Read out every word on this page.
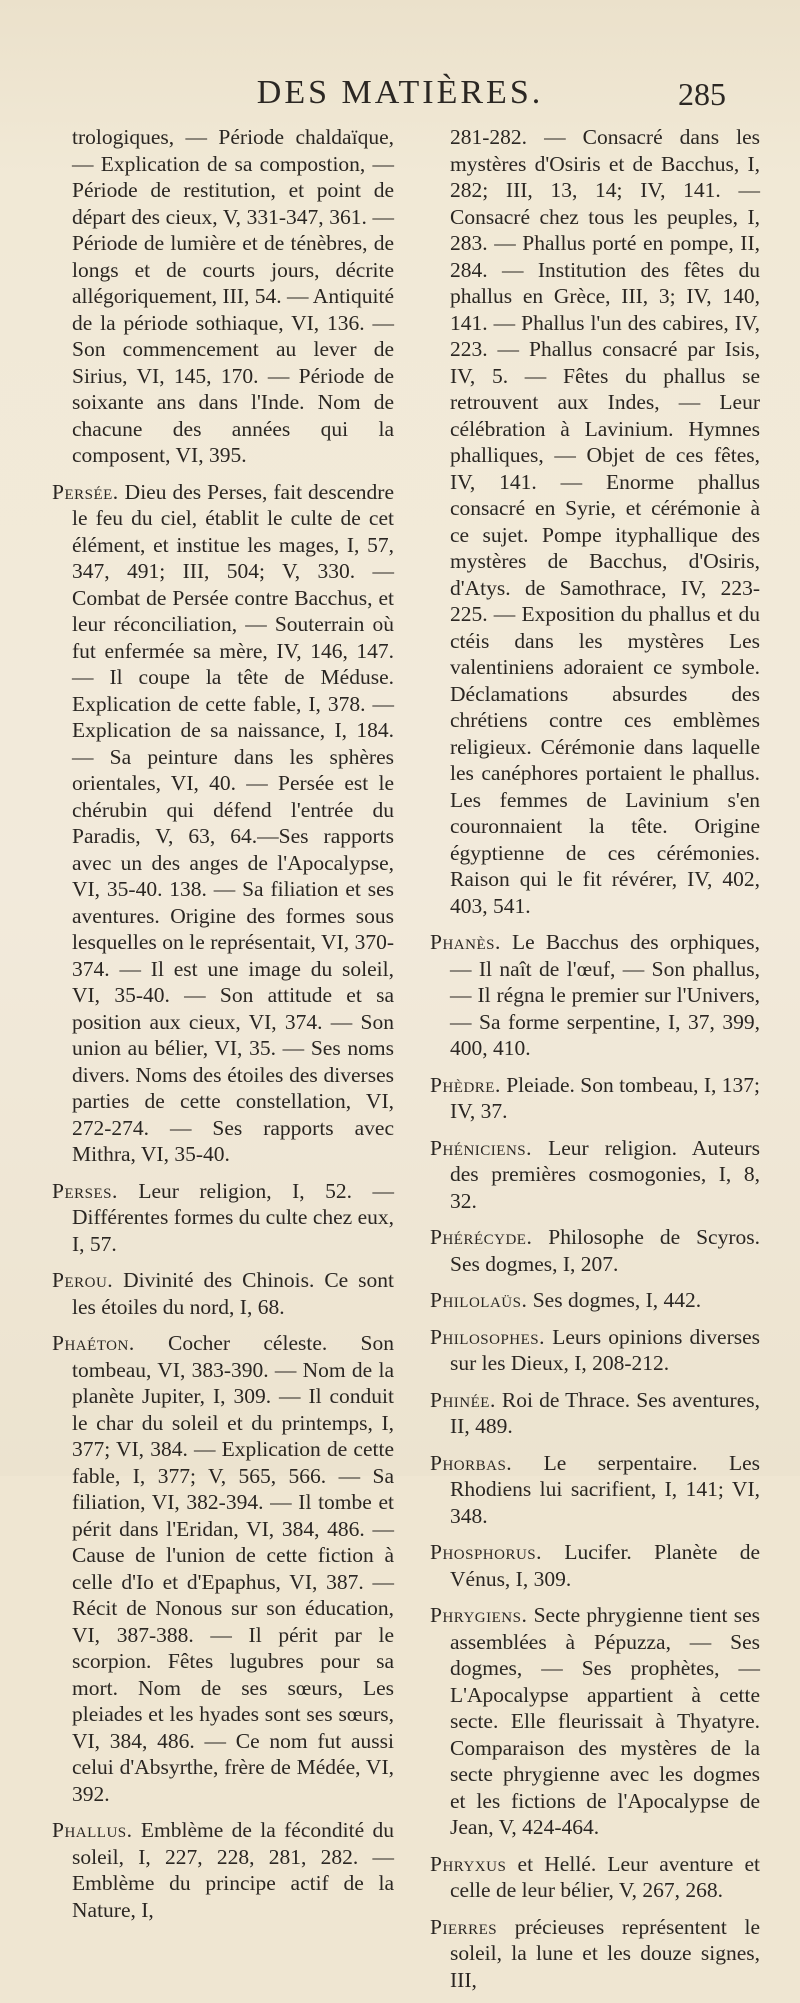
DES MATIÈRES.	285

trologiques, — Période chaldaïque, — Explication de sa compostion, — Période de restitution, et point de départ des cieux, V, 331-347, 361. — Période de lumière et de ténèbres, de longs et de courts jours, décrite allégoriquement, III, 54. — Antiquité de la période sothiaque, VI, 136. — Son commencement au lever de Sirius, VI, 145, 170. — Période de soixante ans dans l'Inde. Nom de chacune des années qui la composent, VI, 395.

Persée. Dieu des Perses, fait descendre le feu du ciel, établit le culte de cet élément, et institue les mages, I, 57, 347, 491; III, 504; V, 330. — Combat de Persée contre Bacchus, et leur réconciliation, — Souterrain où fut enfermée sa mère, IV, 146, 147. — Il coupe la tête de Méduse. Explication de cette fable, I, 378. — Explication de sa naissance, I, 184. — Sa peinture dans les sphères orientales, VI, 40. — Persée est le chérubin qui défend l'entrée du Paradis, V, 63, 64.—Ses rapports avec un des anges de l'Apocalypse, VI, 35-40. 138. — Sa filiation et ses aventures. Origine des formes sous lesquelles on le représentait, VI, 370-374. — Il est une image du soleil, VI, 35-40. — Son attitude et sa position aux cieux, VI, 374. — Son union au bélier, VI, 35. — Ses noms divers. Noms des étoiles des diverses parties de cette constellation, VI, 272-274. — Ses rapports avec Mithra, VI, 35-40.

Perses. Leur religion, I, 52. — Différentes formes du culte chez eux, I, 57.

Perou. Divinité des Chinois. Ce sont les étoiles du nord, I, 68.

Phaéton. Cocher céleste. Son tombeau, VI, 383-390. — Nom de la planète Jupiter, I, 309. — Il conduit le char du soleil et du printemps, I, 377; VI, 384. — Explication de cette fable, I, 377; V, 565, 566. — Sa filiation, VI, 382-394. — Il tombe et périt dans l'Eridan, VI, 384, 486. — Cause de l'union de cette fiction à celle d'Io et d'Epaphus, VI, 387. — Récit de Nonous sur son éducation, VI, 387-388. — Il périt par le scorpion. Fêtes lugubres pour sa mort. Nom de ses sœurs, Les pleiades et les hyades sont ses sœurs, VI, 384, 486. — Ce nom fut aussi celui d'Absyrthe, frère de Médée, VI, 392.

Phallus. Emblème de la fécondité du soleil, I, 227, 228, 281, 282. — Emblème du principe actif de la Nature, I,

281-282. — Consacré dans les mystères d'Osiris et de Bacchus, I, 282; III, 13, 14; IV, 141. — Consacré chez tous les peuples, I, 283. — Phallus porté en pompe, II, 284. — Institution des fêtes du phallus en Grèce, III, 3; IV, 140, 141. — Phallus l'un des cabires, IV, 223. — Phallus consacré par Isis, IV, 5. — Fêtes du phallus se retrouvent aux Indes, — Leur célébration à Lavinium. Hymnes phalliques, — Objet de ces fêtes, IV, 141. — Enorme phallus consacré en Syrie, et cérémonie à ce sujet. Pompe ityphallique des mystères de Bacchus, d'Osiris, d'Atys. de Samothrace, IV, 223-225. — Exposition du phallus et du ctéis dans les mystères Les valentiniens adoraient ce symbole. Déclamations absurdes des chrétiens contre ces emblèmes religieux. Cérémonie dans laquelle les canéphores portaient le phallus. Les femmes de Lavinium s'en couronnaient la tête. Origine égyptienne de ces cérémonies. Raison qui le fit révérer, IV, 402, 403, 541.

Phanès. Le Bacchus des orphiques, — Il naît de l'œuf, — Son phallus, — Il régna le premier sur l'Univers, — Sa forme serpentine, I, 37, 399, 400, 410.

Phèdre. Pleiade. Son tombeau, I, 137; IV, 37.

Phéniciens. Leur religion. Auteurs des premières cosmogonies, I, 8, 32.

Phérécyde. Philosophe de Scyros. Ses dogmes, I, 207.

Philolaüs. Ses dogmes, I, 442.

Philosophes. Leurs opinions diverses sur les Dieux, I, 208-212.

Phinée. Roi de Thrace. Ses aventures, II, 489.

Phorbas. Le serpentaire. Les Rhodiens lui sacrifient, I, 141; VI, 348.

Phosphorus. Lucifer. Planète de Vénus, I, 309.

Phrygiens. Secte phrygienne tient ses assemblées à Pépuzza, — Ses dogmes, — Ses prophètes, — L'Apocalypse appartient à cette secte. Elle fleurissait à Thyatyre. Comparaison des mystères de la secte phrygienne avec les dogmes et les fictions de l'Apocalypse de Jean, V, 424-464.

Phryxus et Hellé. Leur aventure et celle de leur bélier, V, 267, 268.

Pierres précieuses représentent le soleil, la lune et les douze signes, III,
